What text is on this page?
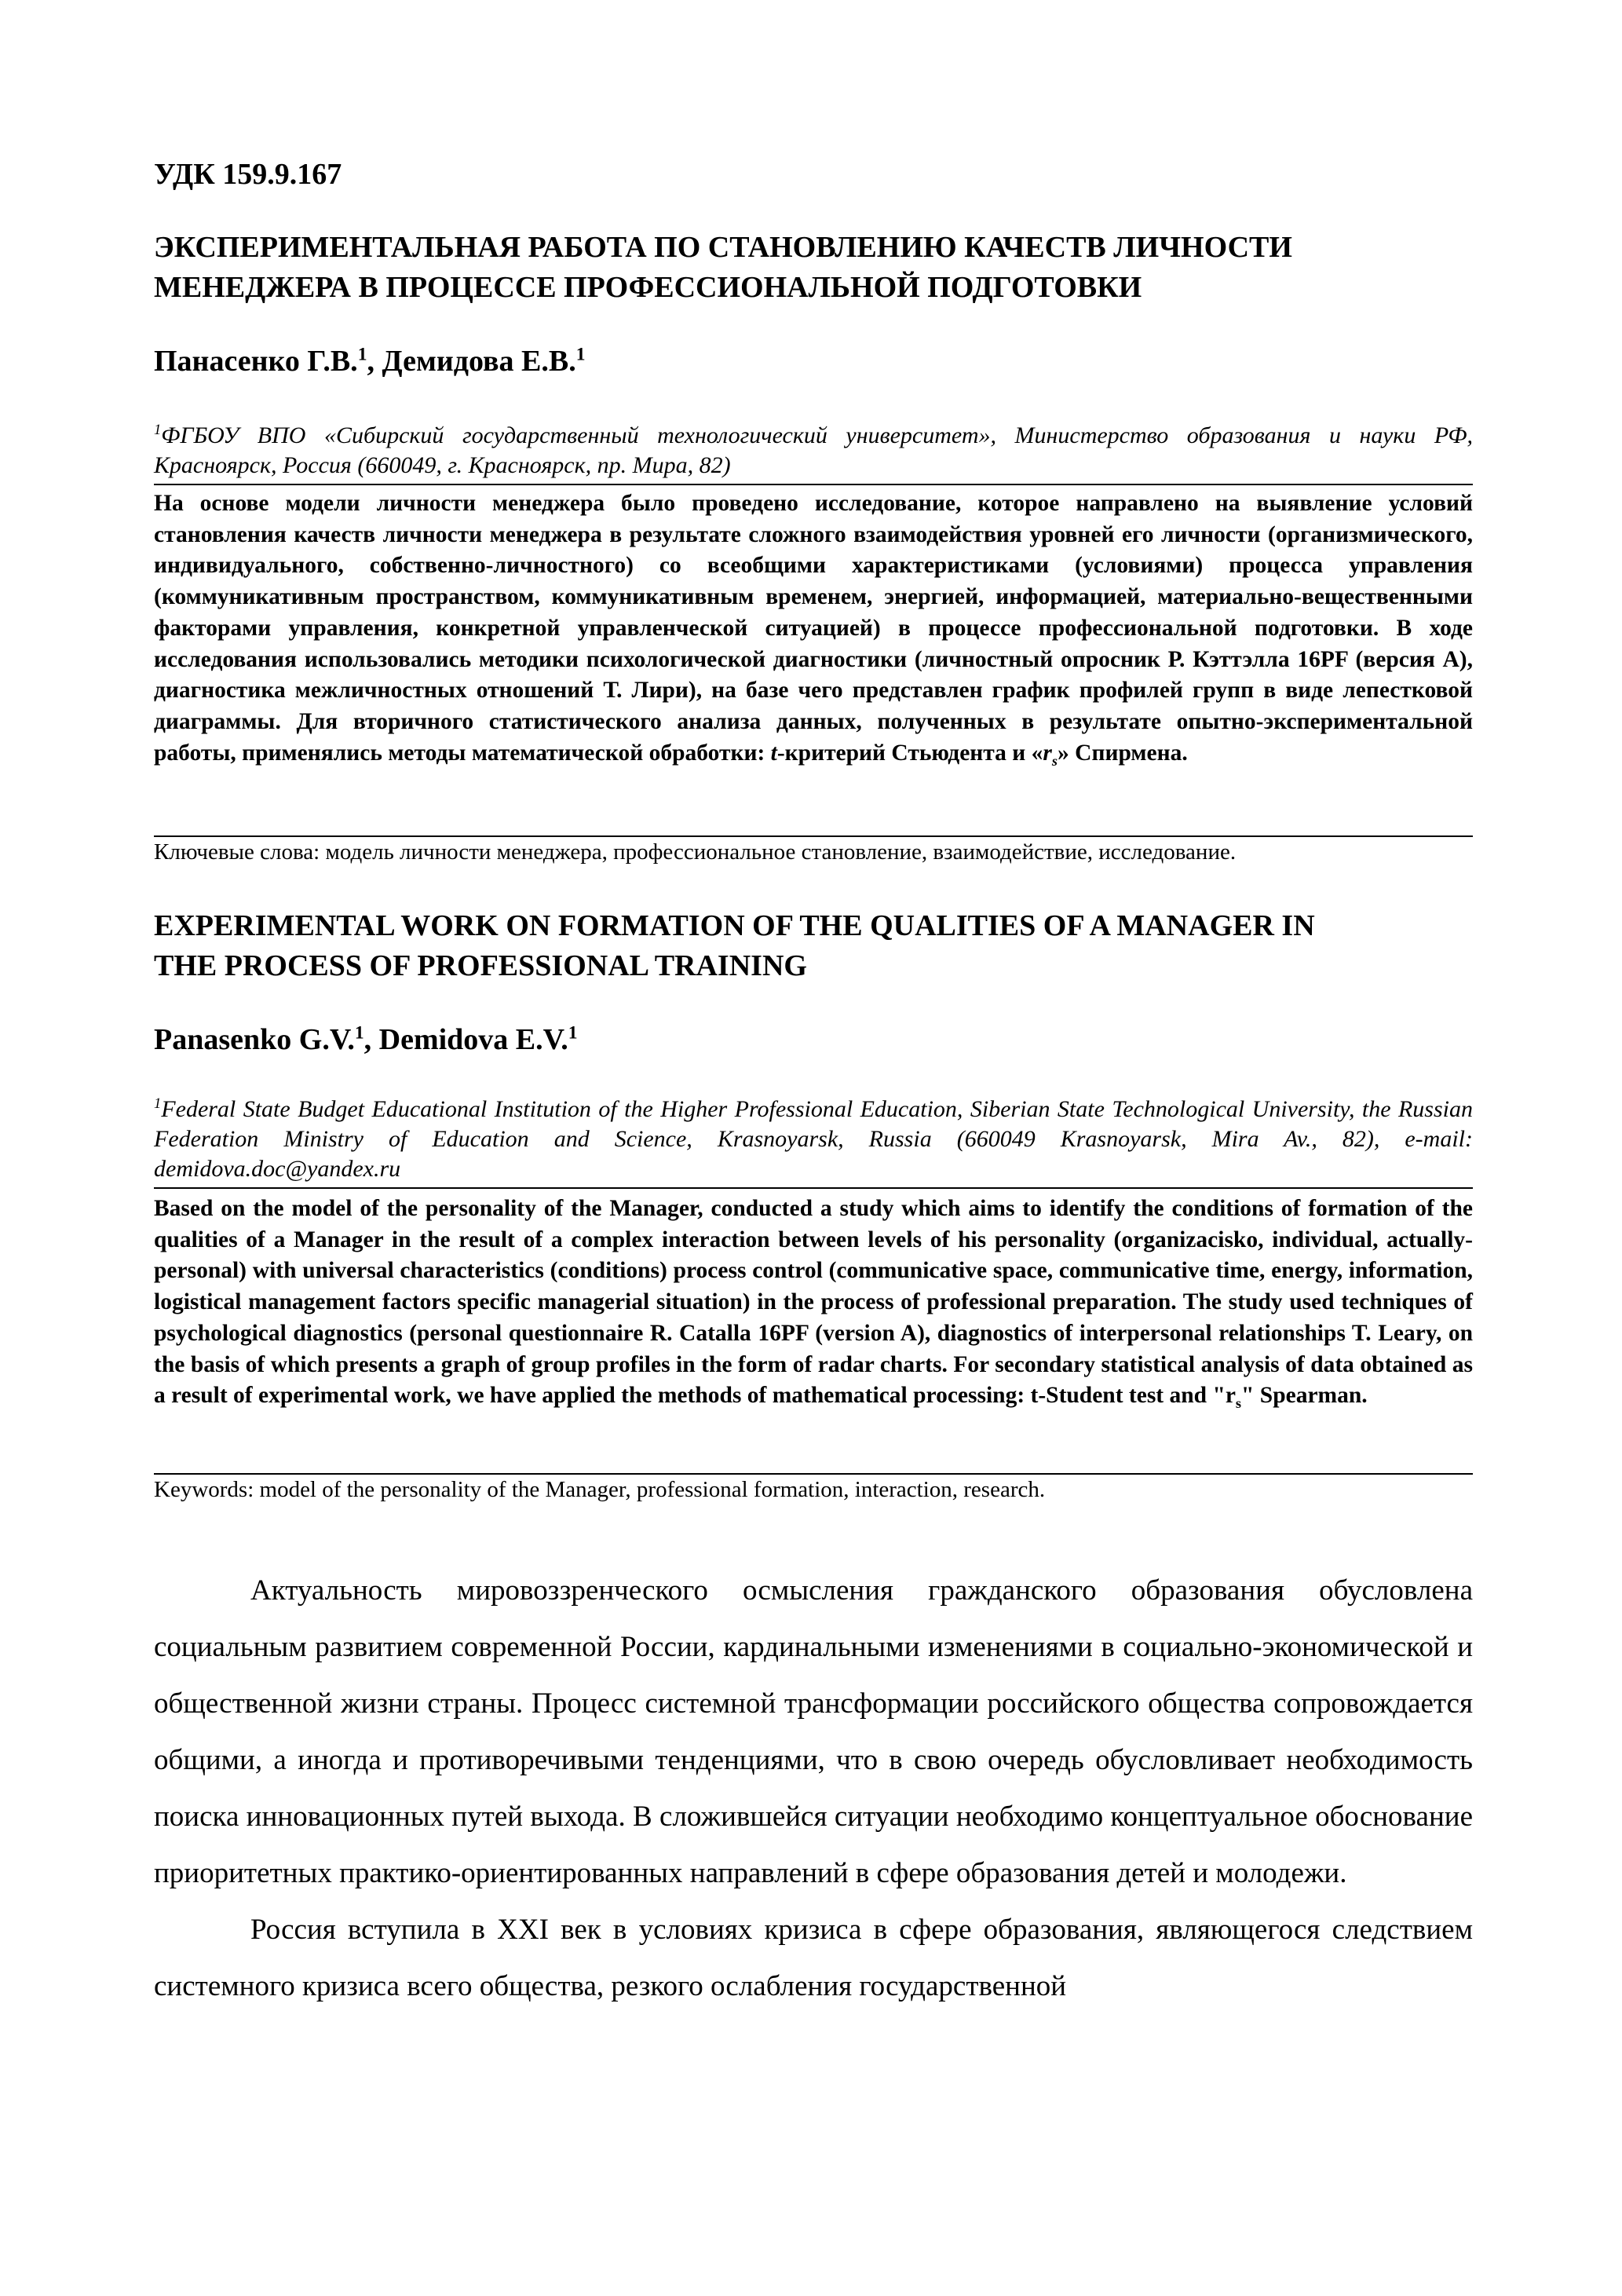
УДК 159.9.167
ЭКСПЕРИМЕНТАЛЬНАЯ РАБОТА ПО СТАНОВЛЕНИЮ КАЧЕСТВ ЛИЧНОСТИ
МЕНЕДЖЕРА В ПРОЦЕССЕ ПРОФЕССИОНАЛЬНОЙ ПОДГОТОВКИ
Панасенко Г.В.$^1$, Демидова Е.В.$^1$
$^1$ФГБОУ ВПО «Сибирский государственный технологический университет», Министерство образования и науки РФ, Красноярск, Россия (660049, г. Красноярск, пр. Мира, 82)
На основе модели личности менеджера было проведено исследование, которое направлено на выявление условий становления качеств личности менеджера в результате сложного взаимодействия уровней его личности (организмического, индивидуального, собственно-личностного) со всеобщими характеристиками (условиями) процесса управления (коммуникативным пространством, коммуникативным временем, энергией, информацией, материально-вещественными факторами управления, конкретной управленческой ситуацией) в процессе профессиональной подготовки. В ходе исследования использовались методики психологической диагностики (личностный опросник Р. Кэттэлла 16PF (версия А), диагностика межличностных отношений Т. Лири), на базе чего представлен график профилей групп в виде лепестковой диаграммы. Для вторичного статистического анализа данных, полученных в результате опытно-экспериментальной работы, применялись методы математической обработки: t-критерий Стьюдента и «$r_s$» Спирмена.
Ключевые слова: модель личности менеджера, профессиональное становление, взаимодействие, исследование.
EXPERIMENTAL WORK ON FORMATION OF THE QUALITIES OF A MANAGER IN
THE PROCESS OF PROFESSIONAL TRAINING
Panasenko G.V.$^1$, Demidova E.V.$^1$
$^1$Federal State Budget Educational Institution of the Higher Professional Education, Siberian State Technological University, the Russian Federation Ministry of Education and Science, Krasnoyarsk, Russia (660049 Krasnoyarsk, Mira Av., 82), e-mail: demidova.doc@yandex.ru
Based on the model of the personality of the Manager, conducted a study which aims to identify the conditions of formation of the qualities of a Manager in the result of a complex interaction between levels of his personality (organizacisko, individual, actually-personal) with universal characteristics (conditions) process control (communicative space, communicative time, energy, information, logistical management factors specific managerial situation) in the process of professional preparation. The study used techniques of psychological diagnostics (personal questionnaire R. Catalla 16PF (version A), diagnostics of interpersonal relationships T. Leary, on the basis of which presents a graph of group profiles in the form of radar charts. For secondary statistical analysis of data obtained as a result of experimental work, we have applied the methods of mathematical processing: t-Student test and "$r_s$" Spearman.
Keywords: model of the personality of the Manager, professional formation, interaction, research.

Актуальность мировоззренческого осмысления гражданского образования обусловлена социальным развитием современной России, кардинальными изменениями в социально-экономической и общественной жизни страны. Процесс системной трансформации российского общества сопровождается общими, а иногда и противоречивыми тенденциями, что в свою очередь обусловливает необходимость поиска инновационных путей выхода. В сложившейся ситуации необходимо концептуальное обоснование приоритетных практико-ориентированных направлений в сфере образования детей и молодежи.

Россия вступила в XXI век в условиях кризиса в сфере образования, являющегося следствием системного кризиса всего общества, резкого ослабления государственной
